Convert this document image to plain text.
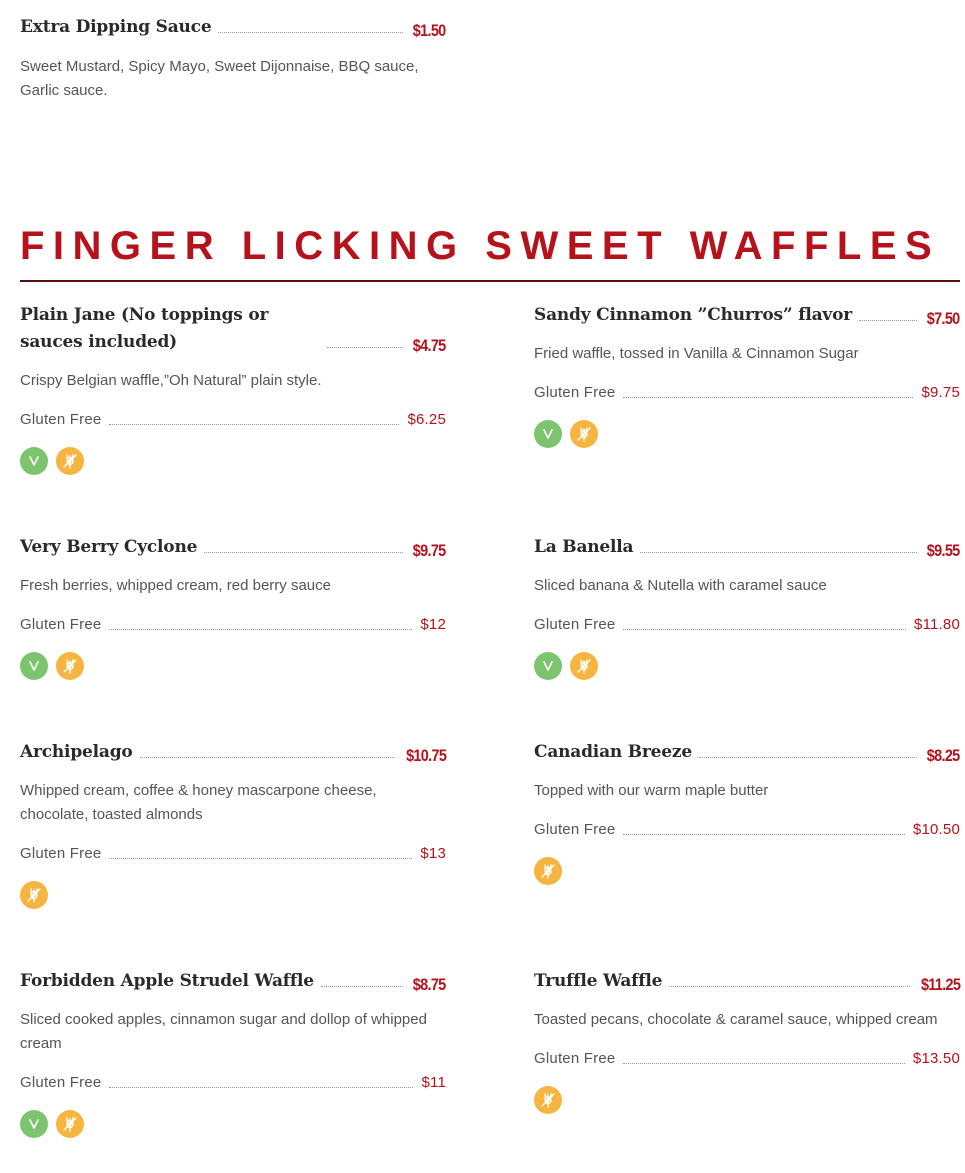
Extra Dipping Sauce	$1.50
Sweet Mustard, Spicy Mayo, Sweet Dijonnaise, BBQ sauce, Garlic sauce.
FINGER LICKING SWEET WAFFLES
Plain Jane (No toppings or sauces included)	$4.75
Crispy Belgian waffle,”Oh Natural” plain style.
Gluten Free	$6.25
Sandy Cinnamon ”Churros” flavor	$7.50
Fried waffle, tossed in Vanilla & Cinnamon Sugar
Gluten Free	$9.75
Very Berry Cyclone	$9.75
Fresh berries, whipped cream, red berry sauce
Gluten Free	$12
La Banella	$9.55
Sliced banana & Nutella with caramel sauce
Gluten Free	$11.80
Archipelago	$10.75
Whipped cream, coffee & honey mascarpone cheese, chocolate, toasted almonds
Gluten Free	$13
Canadian Breeze	$8.25
Topped with our warm maple butter
Gluten Free	$10.50
Forbidden Apple Strudel Waffle	$8.75
Sliced cooked apples, cinnamon sugar and dollop of whipped cream
Gluten Free	$11
Truffle Waffle	$11.25
Toasted pecans, chocolate & caramel sauce, whipped cream
Gluten Free	$13.50
